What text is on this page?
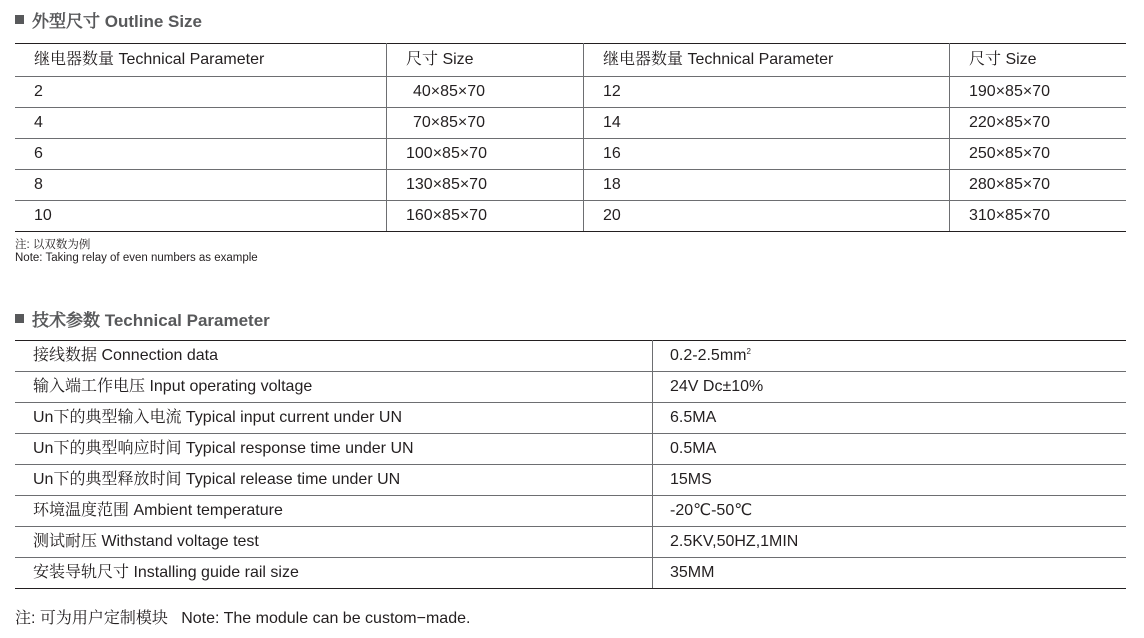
外型尺寸 Outline Size
继电器数量 Technical Parameter	尺寸 Size	继电器数量 Technical Parameter	尺寸 Size
2	40×85×70	12	190×85×70
4	70×85×70	14	220×85×70
6	100×85×70	16	250×85×70
8	130×85×70	18	280×85×70
10	160×85×70	20	310×85×70
注: 以双数为例
Note: Taking relay of even numbers as example
技术参数 Technical Parameter
接线数据 Connection data	$0.2-2.5mm^2$
输入端工作电压 Input operating voltage	24V Dc±10%
Un下的典型输入电流 Typical input current under UN	6.5MA
Un下的典型响应时间 Typical response time under UN	0.5MA
Un下的典型释放时间 Typical release time under UN	15MS
环境温度范围 Ambient temperature	-20℃-50℃
测试耐压 Withstand voltage test	2.5KV,50HZ,1MIN
安装导轨尺寸 Installing guide rail size	35MM
注: 可为用户定制模块   Note: The module can be custom−made.
